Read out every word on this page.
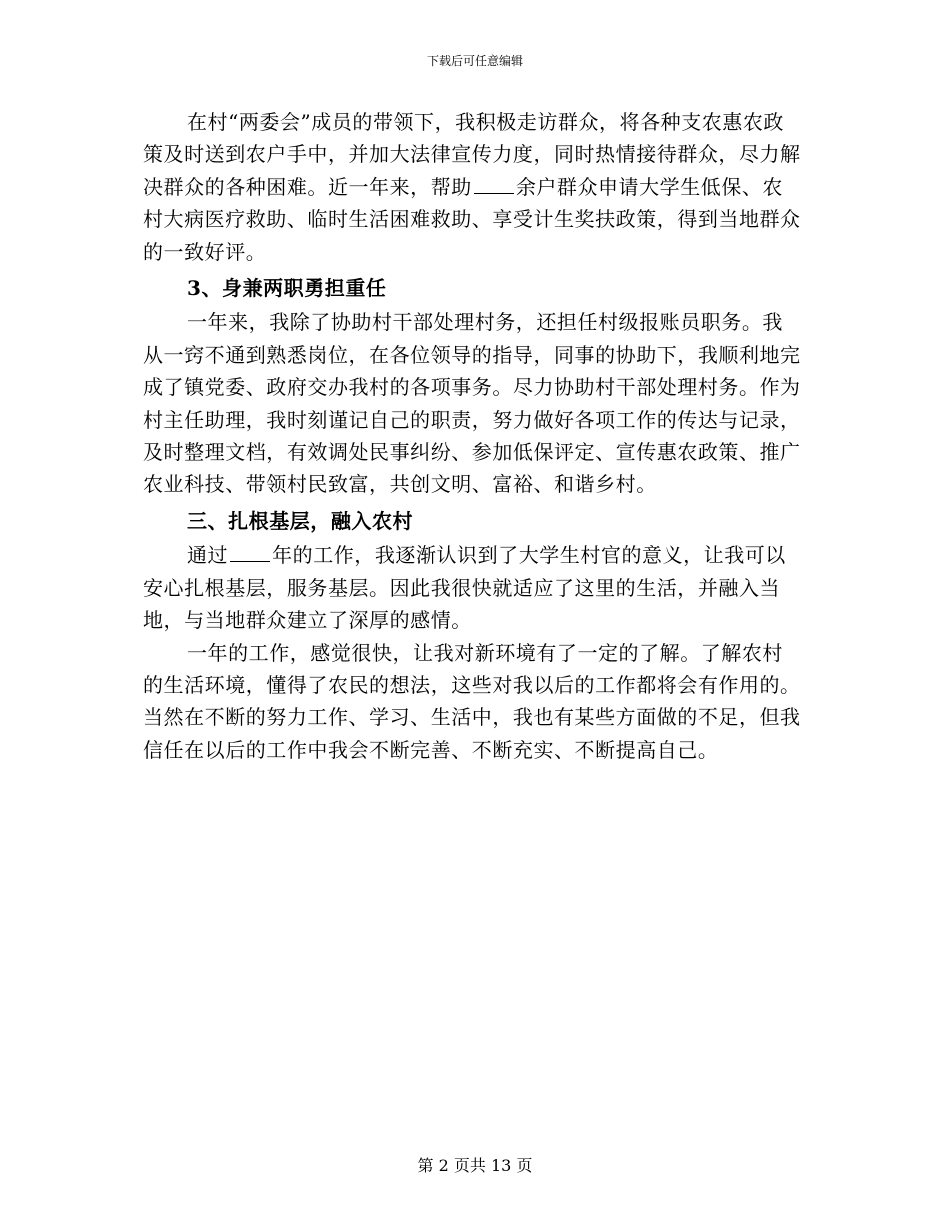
下载后可任意编辑

在村“两委会”成员的带领下，我积极走访群众，将各种支农惠农政策及时送到农户手中，并加大法律宣传力度，同时热情接待群众，尽力解决群众的各种困难。近一年来，帮助 余户群众申请大学生低保、农村大病医疗救助、临时生活困难救助、享受计生奖扶政策，得到当地群众的一致好评。

3、身兼两职勇担重任

一年来，我除了协助村干部处理村务，还担任村级报账员职务。我从一窍不通到熟悉岗位，在各位领导的指导，同事的协助下，我顺利地完成了镇党委、政府交办我村的各项事务。尽力协助村干部处理村务。作为村主任助理，我时刻谨记自己的职责，努力做好各项工作的传达与记录，及时整理文档，有效调处民事纠纷、参加低保评定、宣传惠农政策、推广农业科技、带领村民致富，共创文明、富裕、和谐乡村。

三、扎根基层，融入农村

通过 年的工作，我逐渐认识到了大学生村官的意义，让我可以安心扎根基层，服务基层。因此我很快就适应了这里的生活，并融入当地，与当地群众建立了深厚的感情。

一年的工作，感觉很快，让我对新环境有了一定的了解。了解农村的生活环境，懂得了农民的想法，这些对我以后的工作都将会有作用的。当然在不断的努力工作、学习、生活中，我也有某些方面做的不足，但我信任在以后的工作中我会不断完善、不断充实、不断提高自己。

第 2 页共 13 页
